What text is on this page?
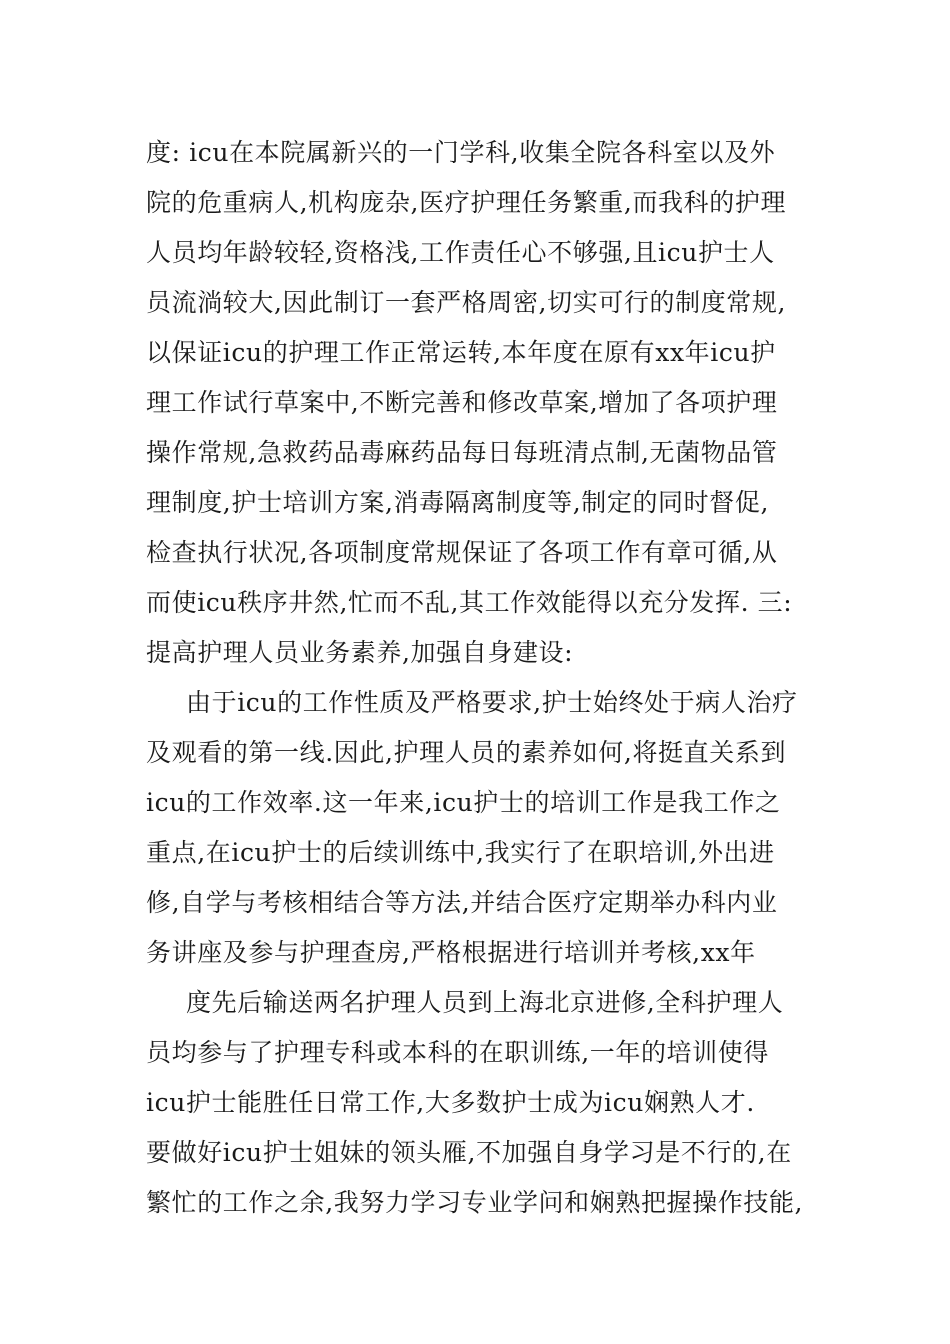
度: icu在本院属新兴的一门学科,收集全院各科室以及外
院的危重病人,机构庞杂,医疗护理任务繁重,而我科的护理
人员均年龄较轻,资格浅,工作责任心不够强,且icu护士人
员流淌较大,因此制订一套严格周密,切实可行的制度常规,
以保证icu的护理工作正常运转,本年度在原有xx年icu护
理工作试行草案中,不断完善和修改草案,增加了各项护理
操作常规,急救药品毒麻药品每日每班清点制,无菌物品管
理制度,护士培训方案,消毒隔离制度等,制定的同时督促,
检查执行状况,各项制度常规保证了各项工作有章可循,从
而使icu秩序井然,忙而不乱,其工作效能得以充分发挥. 三:
提高护理人员业务素养,加强自身建设:
由于icu的工作性质及严格要求,护士始终处于病人治疗
及观看的第一线.因此,护理人员的素养如何,将挺直关系到
icu的工作效率.这一年来,icu护士的培训工作是我工作之
重点,在icu护士的后续训练中,我实行了在职培训,外出进
修,自学与考核相结合等方法,并结合医疗定期举办科内业
务讲座及参与护理查房,严格根据进行培训并考核,xx年
度先后输送两名护理人员到上海北京进修,全科护理人
员均参与了护理专科或本科的在职训练,一年的培训使得
icu护士能胜任日常工作,大多数护士成为icu娴熟人才.
要做好icu护士姐妹的领头雁,不加强自身学习是不行的,在
繁忙的工作之余,我努力学习专业学问和娴熟把握操作技能,
